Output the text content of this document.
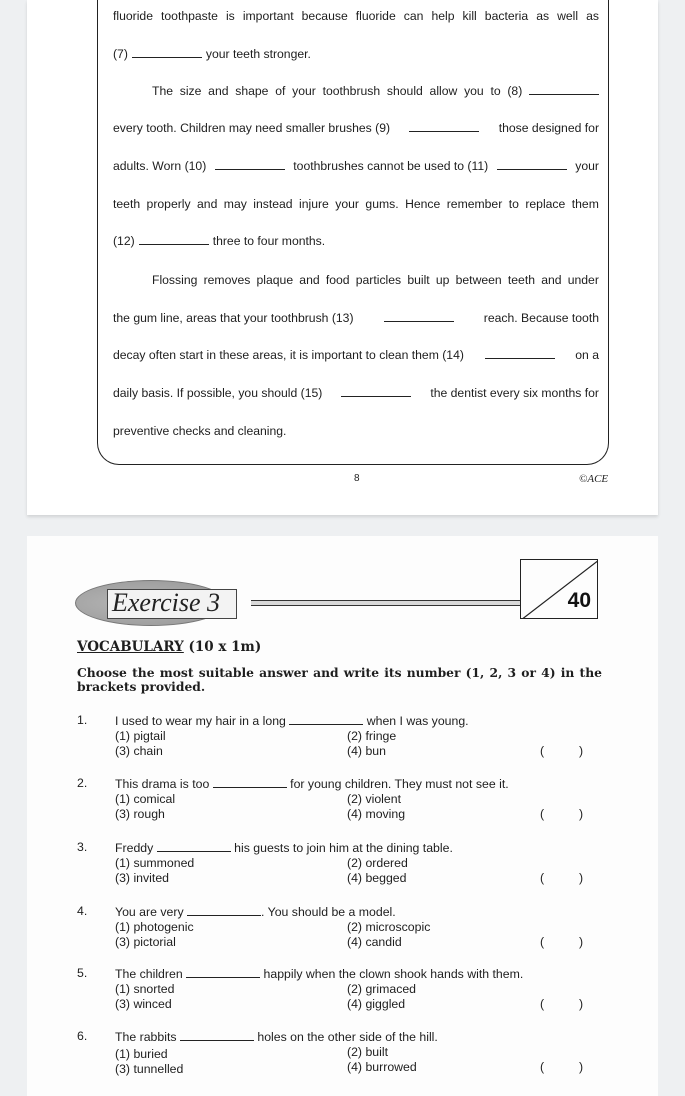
fluoride toothpaste is important because fluoride can help kill bacteria as well as
(7)	your teeth stronger.
The size and shape of your toothbrush should allow you to (8)
every tooth. Children may need smaller brushes (9)	those designed for
adults. Worn (10)	toothbrushes cannot be used to (11)	your
teeth properly and may instead injure your gums. Hence remember to replace them
(12)	three to four months.
Flossing removes plaque and food particles built up between teeth and under
the gum line, areas that your toothbrush (13)	reach. Because tooth
decay often start in these areas, it is important to clean them (14)	on a
daily basis. If possible, you should (15)	the dentist every six months for
preventive checks and cleaning.
8	©ACE
Exercise 3	40
VOCABULARY (10 x 1m)
Choose the most suitable answer and write its number (1, 2, 3 or 4) in the brackets provided.
1. I used to wear my hair in a long	when I was young.
(1) pigtail	(2) fringe
(3) chain	(4) bun	(	)
2. This drama is too	for young children. They must not see it.
(1) comical	(2) violent
(3) rough	(4) moving	(	)
3. Freddy	his guests to join him at the dining table.
(1) summoned	(2) ordered
(3) invited	(4) begged	(	)
4. You are very	. You should be a model.
(1) photogenic	(2) microscopic
(3) pictorial	(4) candid	(	)
5. The children	happily when the clown shook hands with them.
(1) snorted	(2) grimaced
(3) winced	(4) giggled	(	)
6. The rabbits	holes on the other side of the hill.
(1) buried	(2) built
(3) tunnelled	(4) burrowed	(	)
